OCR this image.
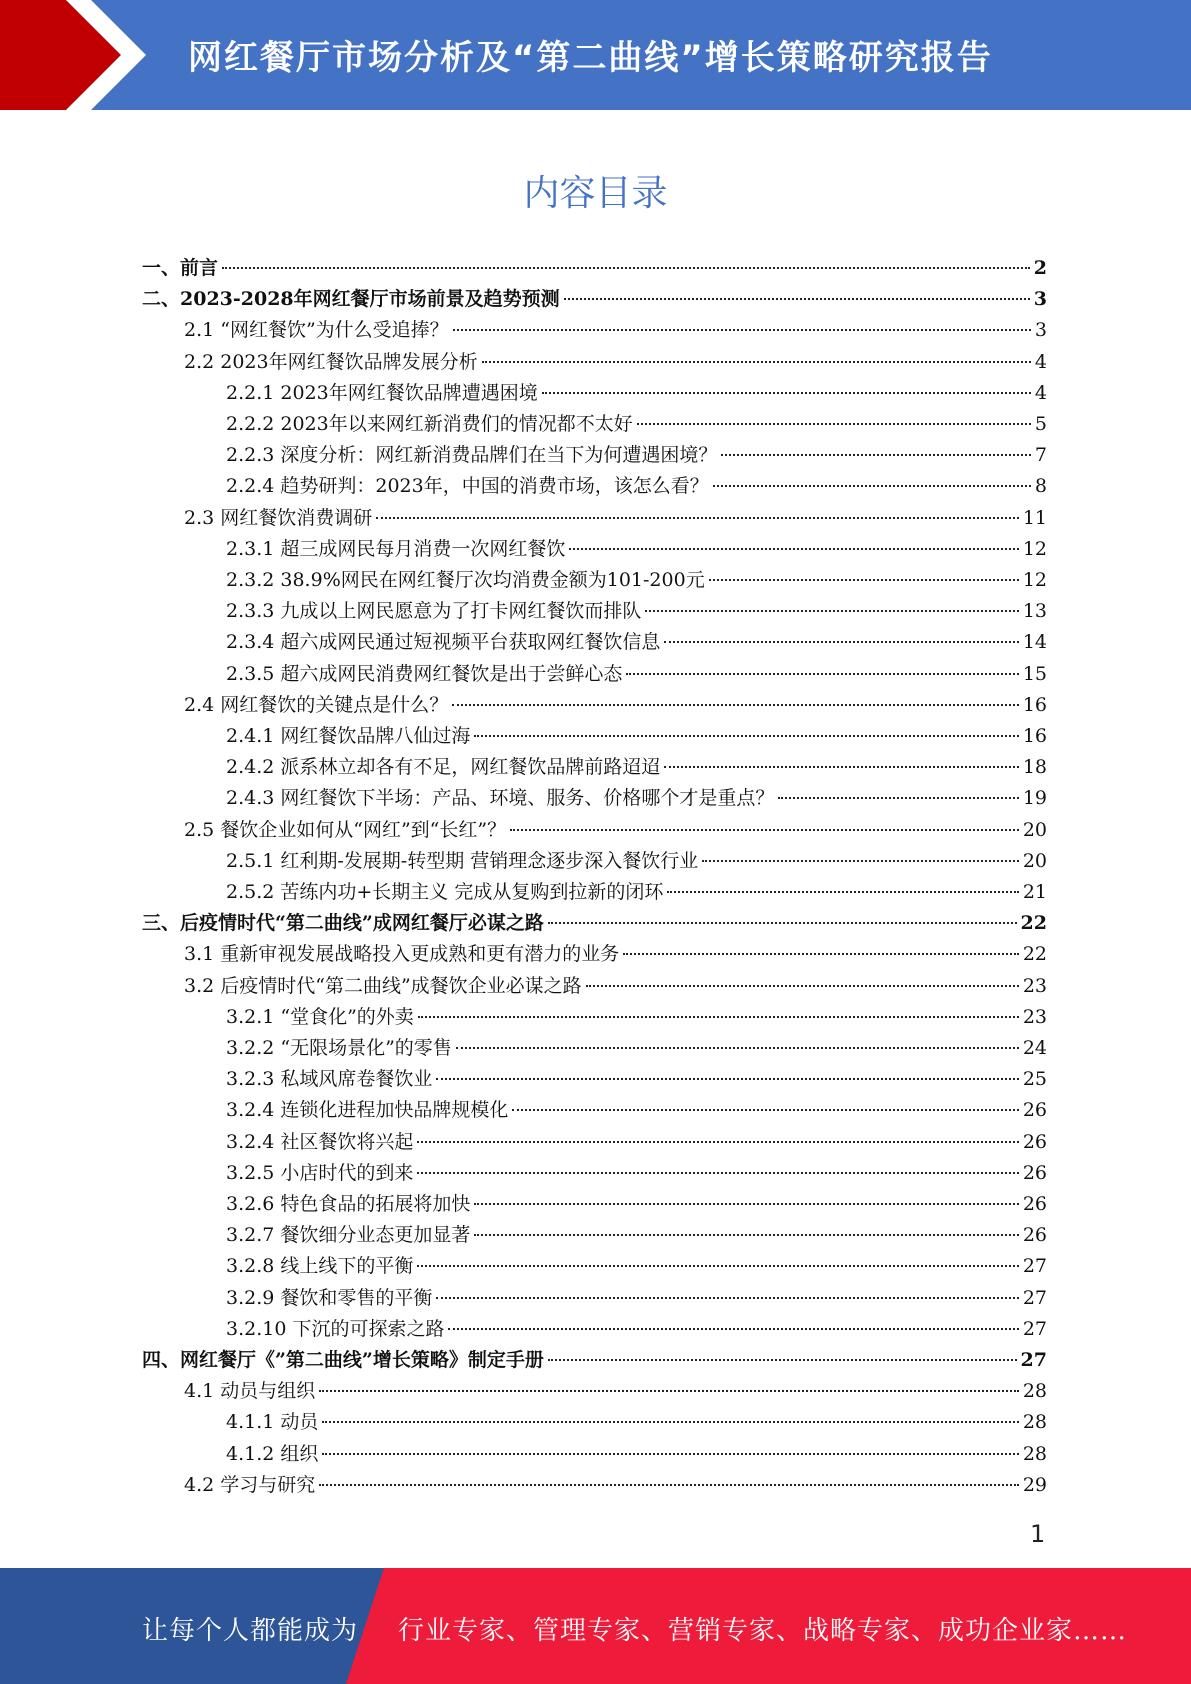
网红餐厅市场分析及“第二曲线”增长策略研究报告
内容目录
一、前言	2
二、2023-2028年网红餐厅市场前景及趋势预测	3
2.1 “网红餐饮”为什么受追捧？	3
2.2 2023年网红餐饮品牌发展分析	4
2.2.1 2023年网红餐饮品牌遭遇困境	4
2.2.2 2023年以来网红新消费们的情况都不太好	5
2.2.3 深度分析：网红新消费品牌们在当下为何遭遇困境？	7
2.2.4 趋势研判：2023年，中国的消费市场，该怎么看？	8
2.3 网红餐饮消费调研	11
2.3.1 超三成网民每月消费一次网红餐饮	12
2.3.2 38.9%网民在网红餐厅次均消费金额为101-200元	12
2.3.3 九成以上网民愿意为了打卡网红餐饮而排队	13
2.3.4 超六成网民通过短视频平台获取网红餐饮信息	14
2.3.5 超六成网民消费网红餐饮是出于尝鲜心态	15
2.4 网红餐饮的关键点是什么？	16
2.4.1 网红餐饮品牌八仙过海	16
2.4.2 派系林立却各有不足，网红餐饮品牌前路迢迢	18
2.4.3 网红餐饮下半场：产品、环境、服务、价格哪个才是重点？	19
2.5 餐饮企业如何从“网红”到“长红”？	20
2.5.1 红利期-发展期-转型期 营销理念逐步深入餐饮行业	20
2.5.2 苦练内功+长期主义 完成从复购到拉新的闭环	21
三、后疫情时代“第二曲线”成网红餐厅必谋之路	22
3.1 重新审视发展战略投入更成熟和更有潜力的业务	22
3.2 后疫情时代“第二曲线”成餐饮企业必谋之路	23
3.2.1 “堂食化”的外卖	23
3.2.2 “无限场景化”的零售	24
3.2.3 私域风席卷餐饮业	25
3.2.4 连锁化进程加快品牌规模化	26
3.2.4 社区餐饮将兴起	26
3.2.5 小店时代的到来	26
3.2.6 特色食品的拓展将加快	26
3.2.7 餐饮细分业态更加显著	26
3.2.8 线上线下的平衡	27
3.2.9 餐饮和零售的平衡	27
3.2.10 下沉的可探索之路	27
四、网红餐厅《”第二曲线”增长策略》制定手册	27
4.1 动员与组织	28
4.1.1 动员	28
4.1.2 组织	28
4.2 学习与研究	29
1
让每个人都能成为 行业专家、管理专家、营销专家、战略专家、成功企业家……
